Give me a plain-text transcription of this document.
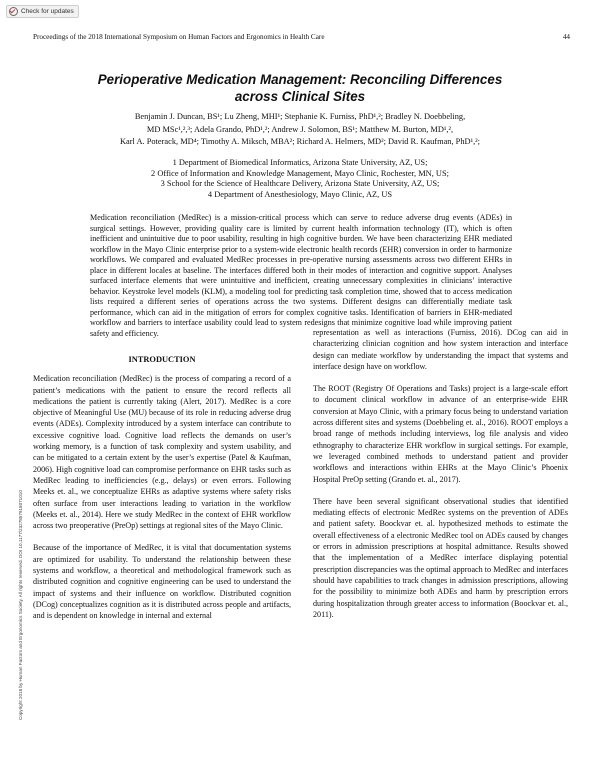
Check for updates
Proceedings of the 2018 International Symposium on Human Factors and Ergonomics in Health Care	44
Perioperative Medication Management: Reconciling Differences
across Clinical Sites
Benjamin J. Duncan, BS¹; Lu Zheng, MHI¹; Stephanie K. Furniss, PhD¹,²; Bradley N. Doebbeling,
MD MSc¹,²,³; Adela Grando, PhD¹,²; Andrew J. Solomon, BS¹; Matthew M. Burton, MD¹,²,
Karl A. Poterack, MD⁴; Timothy A. Miksch, MBA²; Richard A. Helmers, MD²; David R. Kaufman, PhD¹,²;
1 Department of Biomedical Informatics, Arizona State University, AZ, US;
2 Office of Information and Knowledge Management, Mayo Clinic, Rochester, MN, US;
3 School for the Science of Healthcare Delivery, Arizona State University, AZ, US;
4 Department of Anesthesiology, Mayo Clinic, AZ, US

Medication reconciliation (MedRec) is a mission-critical process which can serve to reduce adverse drug events (ADEs) in surgical settings. However, providing quality care is limited by current health information technology (IT), which is often inefficient and unintuitive due to poor usability, resulting in high cognitive burden. We have been characterizing EHR mediated workflow in the Mayo Clinic enterprise prior to a system-wide electronic health records (EHR) conversion in order to harmonize workflows. We compared and evaluated MedRec processes in pre-operative nursing assessments across two different EHRs in place in different locales at baseline. The interfaces differed both in their modes of interaction and cognitive support. Analyses surfaced interface elements that were unintuitive and inefficient, creating unnecessary complexities in clinicians’ interactive behavior. Keystroke level models (KLM), a modeling tool for predicting task completion time, showed that to access medication lists required a different series of operations across the two systems. Different designs can differentially mediate task performance, which can aid in the mitigation of errors for complex cognitive tasks. Identification of barriers in EHR-mediated workflow and barriers to interface usability could lead to system redesigns that minimize cognitive load while improving patient safety and efficiency.

Copyright 2018 by Human Factors and Ergonomics Society. All rights reserved. DOI 10.1177/2327857918071010
INTRODUCTION

Medication reconciliation (MedRec) is the process of comparing a record of a patient’s medications with the patient to ensure the record reflects all medications the patient is currently taking (Alert, 2017). MedRec is a core objective of Meaningful Use (MU) because of its role in reducing adverse drug events (ADEs). Complexity introduced by a system interface can contribute to excessive cognitive load. Cognitive load reflects the demands on user’s working memory, is a function of task complexity and system usability, and can be mitigated to a certain extent by the user’s expertise (Patel & Kaufman, 2006). High cognitive load can compromise performance on EHR tasks such as MedRec leading to inefficiencies (e.g., delays) or even errors. Following Meeks et. al., we conceptualize EHRs as adaptive systems where safety risks often surface from user interactions leading to variation in the workflow (Meeks et. al., 2014). Here we study MedRec in the context of EHR workflow across two preoperative (PreOp) settings at regional sites of the Mayo Clinic.

Because of the importance of MedRec, it is vital that documentation systems are optimized for usability. To understand the relationship between these systems and workflow, a theoretical and methodological framework such as distributed cognition and cognitive engineering can be used to understand the impact of systems and their influence on workflow. Distributed cognition (DCog) conceptualizes cognition as it is distributed across people and artifacts, and is dependent on knowledge in internal and external

representation as well as interactions (Furniss, 2016). DCog can aid in characterizing clinician cognition and how system interaction and interface design can mediate workflow by understanding the impact that systems and interface design have on workflow.

The ROOT (Registry Of Operations and Tasks) project is a large-scale effort to document clinical workflow in advance of an enterprise-wide EHR conversion at Mayo Clinic, with a primary focus being to understand variation across different sites and systems (Doebbeling et. al., 2016). ROOT employs a broad range of methods including interviews, log file analysis and video ethnography to characterize EHR workflow in surgical settings. For example, we leveraged combined methods to understand patient and provider workflows and interactions within EHRs at the Mayo Clinic’s Phoenix Hospital PreOp setting (Grando et. al., 2017).

There have been several significant observational studies that identified mediating effects of electronic MedRec systems on the prevention of ADEs and patient safety. Boockvar et. al. hypothesized methods to estimate the overall effectiveness of a electronic MedRec tool on ADEs caused by changes or errors in admission prescriptions at hospital admittance. Results showed that the implementation of a MedRec interface displaying potential prescription discrepancies was the optimal approach to MedRec and interfaces should have capabilities to track changes in admission prescriptions, allowing for the possibility to minimize both ADEs and harm by prescription errors during hospitalization through greater access to information (Boockvar et. al., 2011).
